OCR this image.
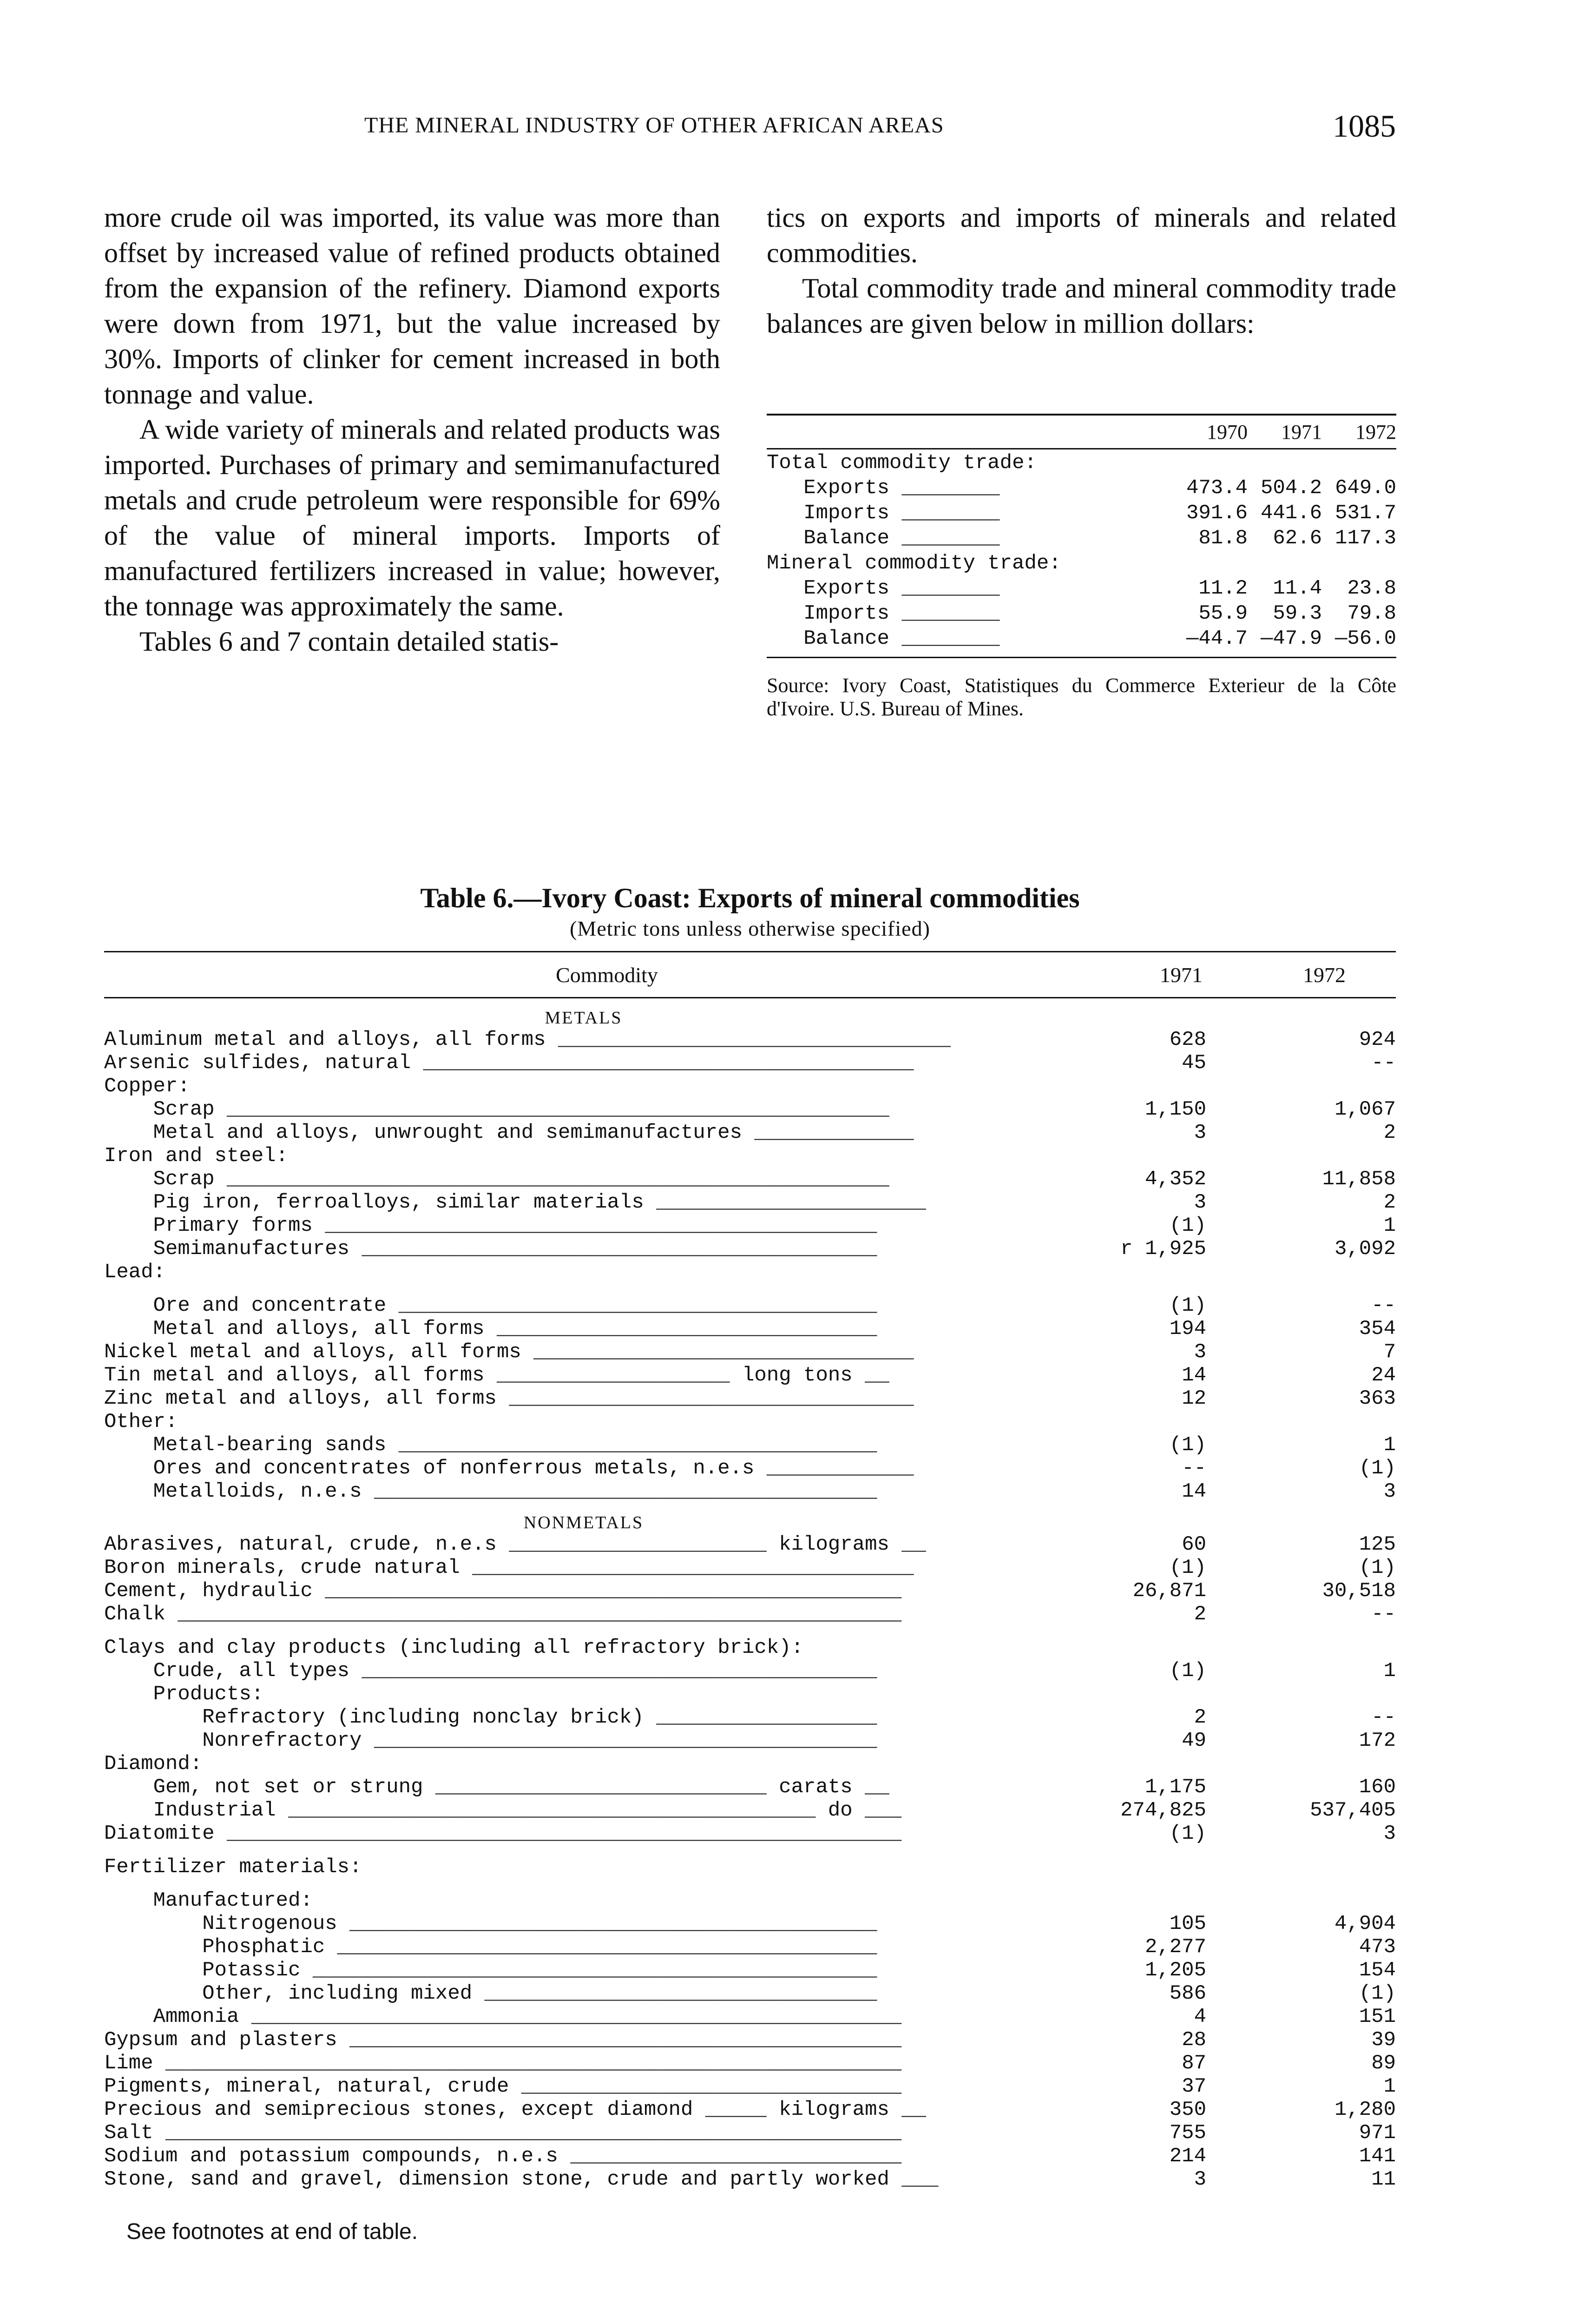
THE MINERAL INDUSTRY OF OTHER AFRICAN AREAS	1085

more crude oil was imported, its value was more than offset by increased value of refined products obtained from the expansion of the refinery. Diamond exports were down from 1971, but the value increased by 30%. Imports of clinker for cement increased in both tonnage and value.

A wide variety of minerals and related products was imported. Purchases of primary and semimanufactured metals and crude petroleum were responsible for 69% of the value of mineral imports. Imports of manufactured fertilizers increased in value; however, the tonnage was approximately the same.

Tables 6 and 7 contain detailed statis-

tics on exports and imports of minerals and related commodities.

Total commodity trade and mineral commodity trade balances are given below in million dollars:

1970	1971	1972
Total commodity trade:
Exports ________	473.4 504.2 649.0
Imports ________	391.6 441.6 531.7
Balance ________	81.8	62.6 117.3
Mineral commodity trade:
Exports ________	11.2	11.4	23.8
Imports ________	55.9	59.3	79.8
Balance ________	—44.7 —47.9 —56.0
Source: Ivory Coast, Statistiques du Commerce Exterieur de la Côte d'Ivoire. U.S. Bureau of Mines.
Table 6.—Ivory Coast: Exports of mineral commodities
(Metric tons unless otherwise specified)
Commodity	1971	1972
METALS
Aluminum metal and alloys, all forms ________________________________	628	924
Arsenic sulfides, natural ________________________________________	45	--
Copper:
Scrap ______________________________________________________	1,150	1,067
Metal and alloys, unwrought and semimanufactures _____________	3	2
Iron and steel:
Scrap ______________________________________________________	4,352	11,858
Pig iron, ferroalloys, similar materials ______________________	3	2
Primary forms _____________________________________________	(1)	1
Semimanufactures __________________________________________	r 1,925	3,092
Lead:
Ore and concentrate _______________________________________	(1)	--
Metal and alloys, all forms _______________________________	194	354
Nickel metal and alloys, all forms _______________________________	3	7
Tin metal and alloys, all forms ___________________ long tons __	14	24
Zinc metal and alloys, all forms _________________________________	12	363
Other:
Metal-bearing sands _______________________________________	(1)	1
Ores and concentrates of nonferrous metals, n.e.s ____________	--	(1)
Metalloids, n.e.s _________________________________________	14	3
NONMETALS
Abrasives, natural, crude, n.e.s _____________________ kilograms __	60	125
Boron minerals, crude natural ____________________________________	(1)	(1)
Cement, hydraulic _______________________________________________	26,871	30,518
Chalk ___________________________________________________________	2	--
Clays and clay products (including all refractory brick):
Crude, all types __________________________________________	(1)	1
Products:
Refractory (including nonclay brick) __________________	2	--
Nonrefractory _________________________________________	49	172
Diamond:
Gem, not set or strung ___________________________ carats __	1,175	160
Industrial ___________________________________________ do ___	274,825	537,405
Diatomite _______________________________________________________	(1)	3
Fertilizer materials:
Manufactured:
Nitrogenous ___________________________________________	105	4,904
Phosphatic ____________________________________________	2,277	473
Potassic ______________________________________________	1,205	154
Other, including mixed ________________________________	586	(1)
Ammonia _____________________________________________________	4	151
Gypsum and plasters _____________________________________________	28	39
Lime ____________________________________________________________	87	89
Pigments, mineral, natural, crude _______________________________	37	1
Precious and semiprecious stones, except diamond _____ kilograms __	350	1,280
Salt ____________________________________________________________	755	971
Sodium and potassium compounds, n.e.s ___________________________	214	141
Stone, sand and gravel, dimension stone, crude and partly worked ___	3	11
See footnotes at end of table.
